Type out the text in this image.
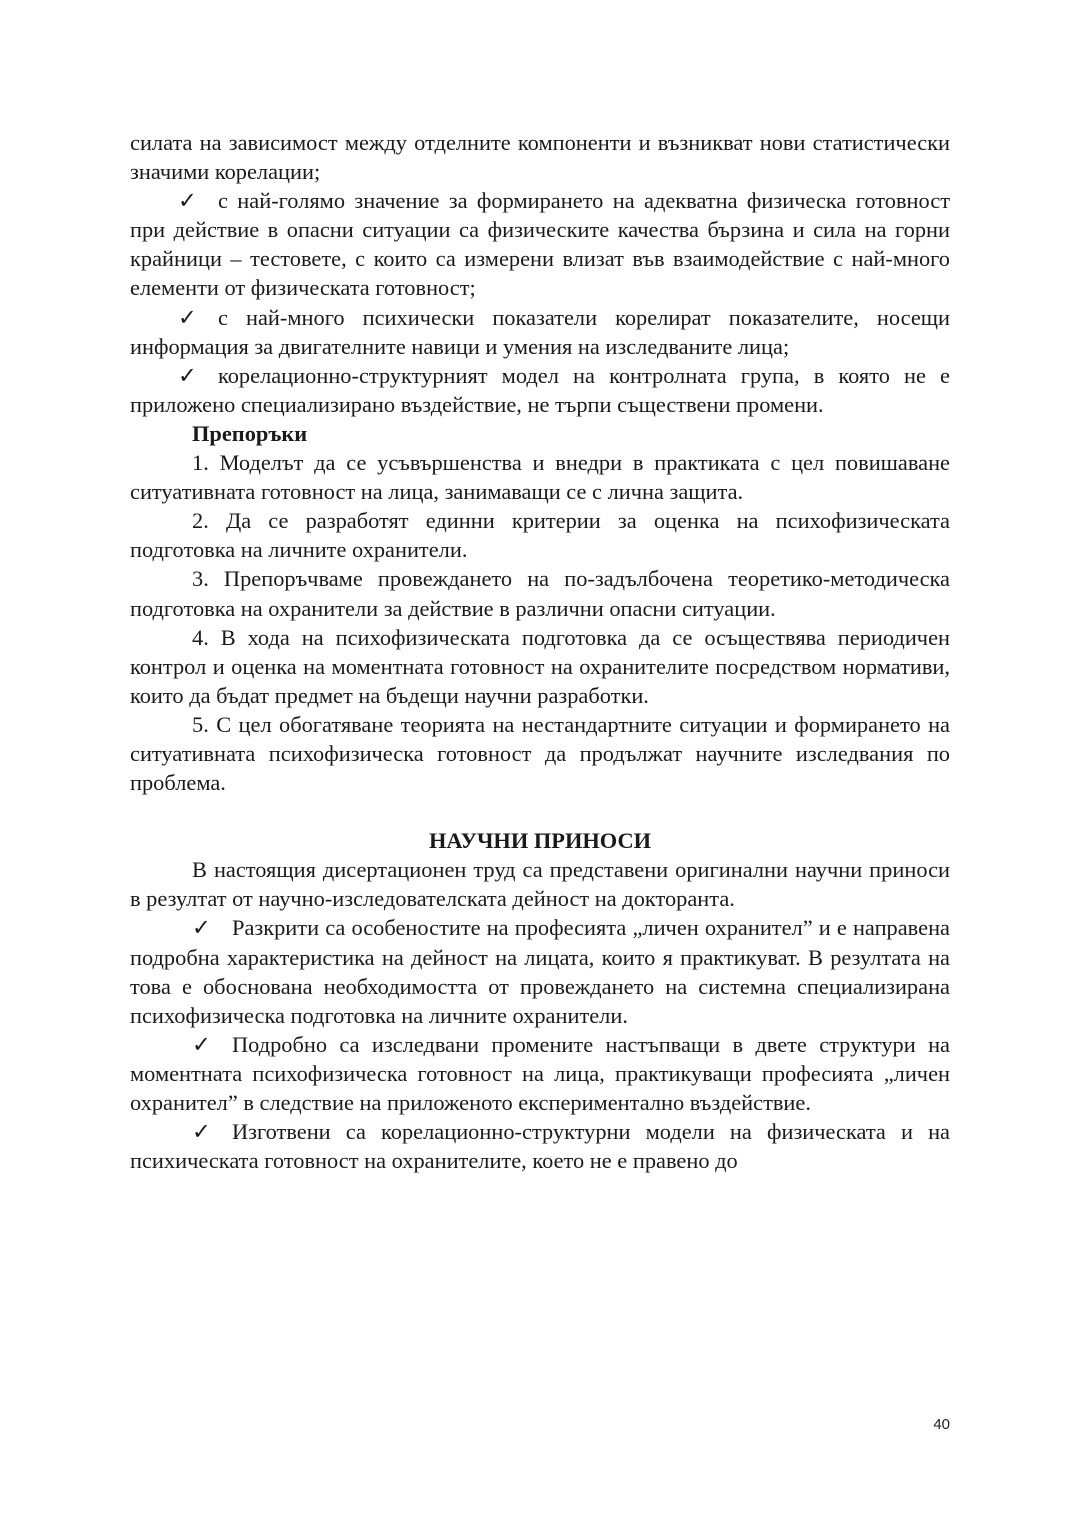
силата на зависимост между отделните компоненти и възникват нови статистически значими корелации;

✓ с най-голямо значение за формирането на адекватна физическа готовност при действие в опасни ситуации са физическите качества бързина и сила на горни крайници – тестовете, с които са измерени влизат във взаимодействие с най-много елементи от физическата готовност;

✓ с най-много психически показатели корелират показателите, носещи информация за двигателните навици и умения на изследваните лица;

✓ корелационно-структурният модел на контролната група, в която не е приложено специализирано въздействие, не търпи съществени промени.

Препоръки

1. Моделът да се усъвършенства и внедри в практиката с цел повишаване ситуативната готовност на лица, занимаващи се с лична защита.

2. Да се разработят единни критерии за оценка на психофизическата подготовка на личните охранители.

3. Препоръчваме провеждането на по-задълбочена теоретико-методическа подготовка на охранители за действие в различни опасни ситуации.

4. В хода на психофизическата подготовка да се осъществява периодичен контрол и оценка на моментната готовност на охранителите посредством нормативи, които да бъдат предмет на бъдещи научни разработки.

5. С цел обогатяване теорията на нестандартните ситуации и формирането на ситуативната психофизическа готовност да продължат научните изследвания по проблема.

НАУЧНИ ПРИНОСИ

В настоящия дисертационен труд са представени оригинални научни приноси в резултат от научно-изследователската дейност на докторанта.

✓ Разкрити са особеностите на професията „личен охранител” и е направена подробна характеристика на дейност на лицата, които я практикуват. В резултата на това е обоснована необходимостта от провеждането на системна специализирана психофизическа подготовка на личните охранители.

✓ Подробно са изследвани промените настъпващи в двете структури на моментната психофизическа готовност на лица, практикуващи професията „личен охранител” в следствие на приложеното експериментално въздействие.

✓ Изготвени са корелационно-структурни модели на физическата и на психическата готовност на охранителите, което не е правено до

40
